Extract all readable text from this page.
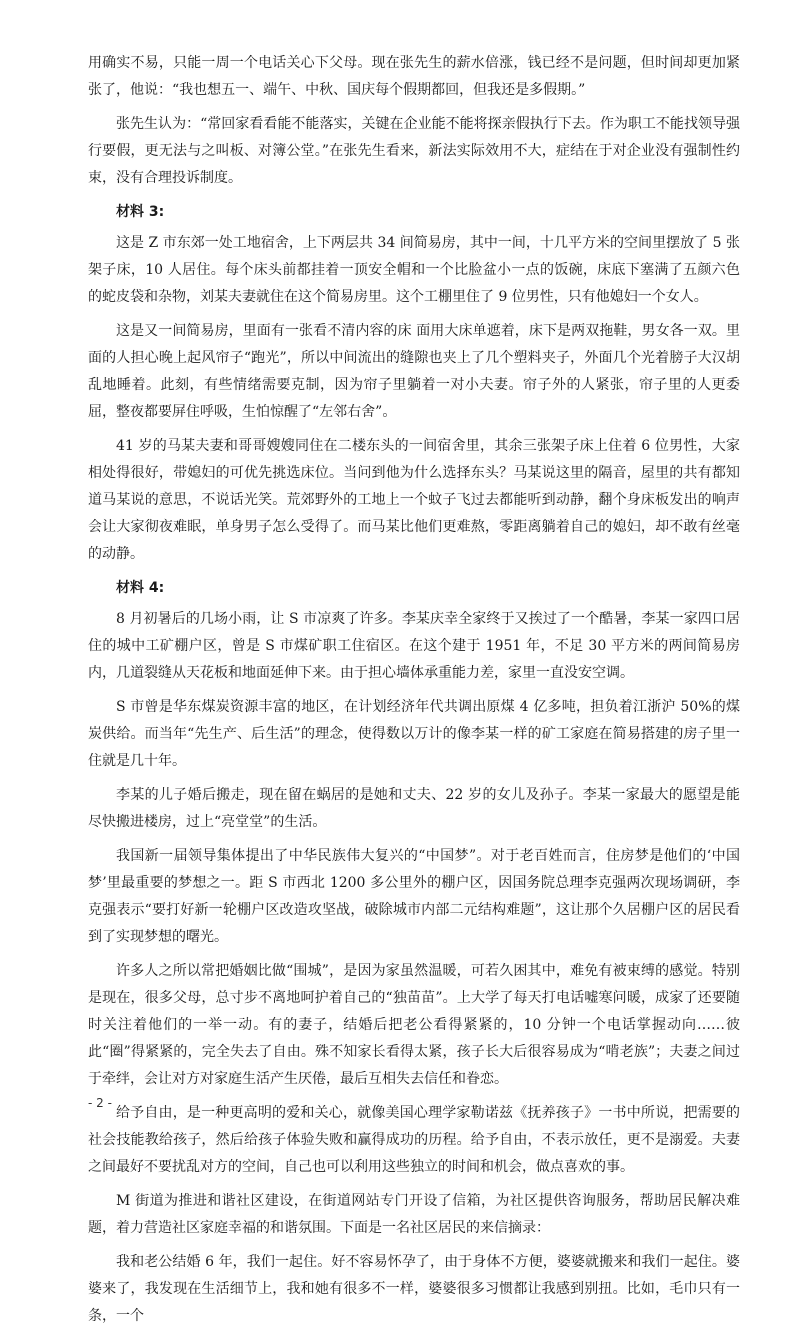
用确实不易，只能一周一个电话关心下父母。现在张先生的薪水倍涨，钱已经不是问题，但时间却更加紧张了，他说：“我也想五一、端午、中秋、国庆每个假期都回，但我还是多假期。”

张先生认为：“常回家看看能不能落实，关键在企业能不能将探亲假执行下去。作为职工不能找领导强行要假，更无法与之叫板、对簿公堂。”在张先生看来，新法实际效用不大，症结在于对企业没有强制性约束，没有合理投诉制度。

材料 3:

这是 Z 市东郊一处工地宿舍，上下两层共 34 间简易房，其中一间，十几平方米的空间里摆放了 5 张架子床，10 人居住。每个床头前都挂着一顶安全帽和一个比脸盆小一点的饭碗，床底下塞满了五颜六色的蛇皮袋和杂物，刘某夫妻就住在这个简易房里。这个工棚里住了 9 位男性，只有他媳妇一个女人。

这是又一间简易房，里面有一张看不清内容的床 面用大床单遮着，床下是两双拖鞋，男女各一双。里面的人担心晚上起风帘子“跑光”，所以中间流出的缝隙也夹上了几个塑料夹子，外面几个光着膀子大汉胡乱地睡着。此刻，有些情绪需要克制，因为帘子里躺着一对小夫妻。帘子外的人紧张，帘子里的人更委屈，整夜都要屏住呼吸，生怕惊醒了“左邻右舍”。

41 岁的马某夫妻和哥哥嫂嫂同住在二楼东头的一间宿舍里，其余三张架子床上住着 6 位男性，大家相处得很好，带媳妇的可优先挑选床位。当问到他为什么选择东头？马某说这里的隔音，屋里的共有都知道马某说的意思，不说话光笑。荒郊野外的工地上一个蚊子飞过去都能听到动静，翻个身床板发出的响声会让大家彻夜难眠，单身男子怎么受得了。而马某比他们更难熬，零距离躺着自己的媳妇，却不敢有丝毫的动静。

材料 4:

8 月初暑后的几场小雨，让 S 市凉爽了许多。李某庆幸全家终于又挨过了一个酷暑，李某一家四口居住的城中工矿棚户区，曾是 S 市煤矿职工住宿区。在这个建于 1951 年，不足 30 平方米的两间简易房内，几道裂缝从天花板和地面延伸下来。由于担心墙体承重能力差，家里一直没安空调。

S 市曾是华东煤炭资源丰富的地区，在计划经济年代共调出原煤 4 亿多吨，担负着江浙沪 50%的煤炭供给。而当年“先生产、后生活”的理念，使得数以万计的像李某一样的矿工家庭在简易搭建的房子里一住就是几十年。

李某的儿子婚后搬走，现在留在蜗居的是她和丈夫、22 岁的女儿及孙子。李某一家最大的愿望是能尽快搬进楼房，过上“亮堂堂”的生活。

我国新一届领导集体提出了中华民族伟大复兴的“中国梦”。对于老百姓而言，住房梦是他们的‘中国梦’里最重要的梦想之一。距 S 市西北 1200 多公里外的棚户区，因国务院总理李克强两次现场调研，李克强表示“要打好新一轮棚户区改造攻坚战，破除城市内部二元结构难题”，这让那个久居棚户区的居民看到了实现梦想的曙光。

许多人之所以常把婚姻比做“围城”，是因为家虽然温暖，可若久困其中，难免有被束缚的感觉。特别是现在，很多父母，总寸步不离地呵护着自己的“独苗苗”。上大学了每天打电话嘘寒问暖，成家了还要随时关注着他们的一举一动。有的妻子，结婚后把老公看得紧紧的，10 分钟一个电话掌握动向……彼此“圈”得紧紧的，完全失去了自由。殊不知家长看得太紧，孩子长大后很容易成为“啃老族”；夫妻之间过于牵绊，会让对方对家庭生活产生厌倦，最后互相失去信任和眷恋。

给予自由，是一种更高明的爱和关心，就像美国心理学家勒诺兹《抚养孩子》一书中所说，把需要的社会技能教给孩子，然后给孩子体验失败和赢得成功的历程。给予自由，不表示放任，更不是溺爱。夫妻之间最好不要扰乱对方的空间，自己也可以利用这些独立的时间和机会，做点喜欢的事。

M 街道为推进和谐社区建设，在街道网站专门开设了信箱，为社区提供咨询服务，帮助居民解决难题，着力营造社区家庭幸福的和谐氛围。下面是一名社区居民的来信摘录：

我和老公结婚 6 年，我们一起住。好不容易怀孕了，由于身体不方便，婆婆就搬来和我们一起住。婆婆来了，我发现在生活细节上，我和她有很多不一样，婆婆很多习惯都让我感到别扭。比如，毛巾只有一条，一个

- 2 -
